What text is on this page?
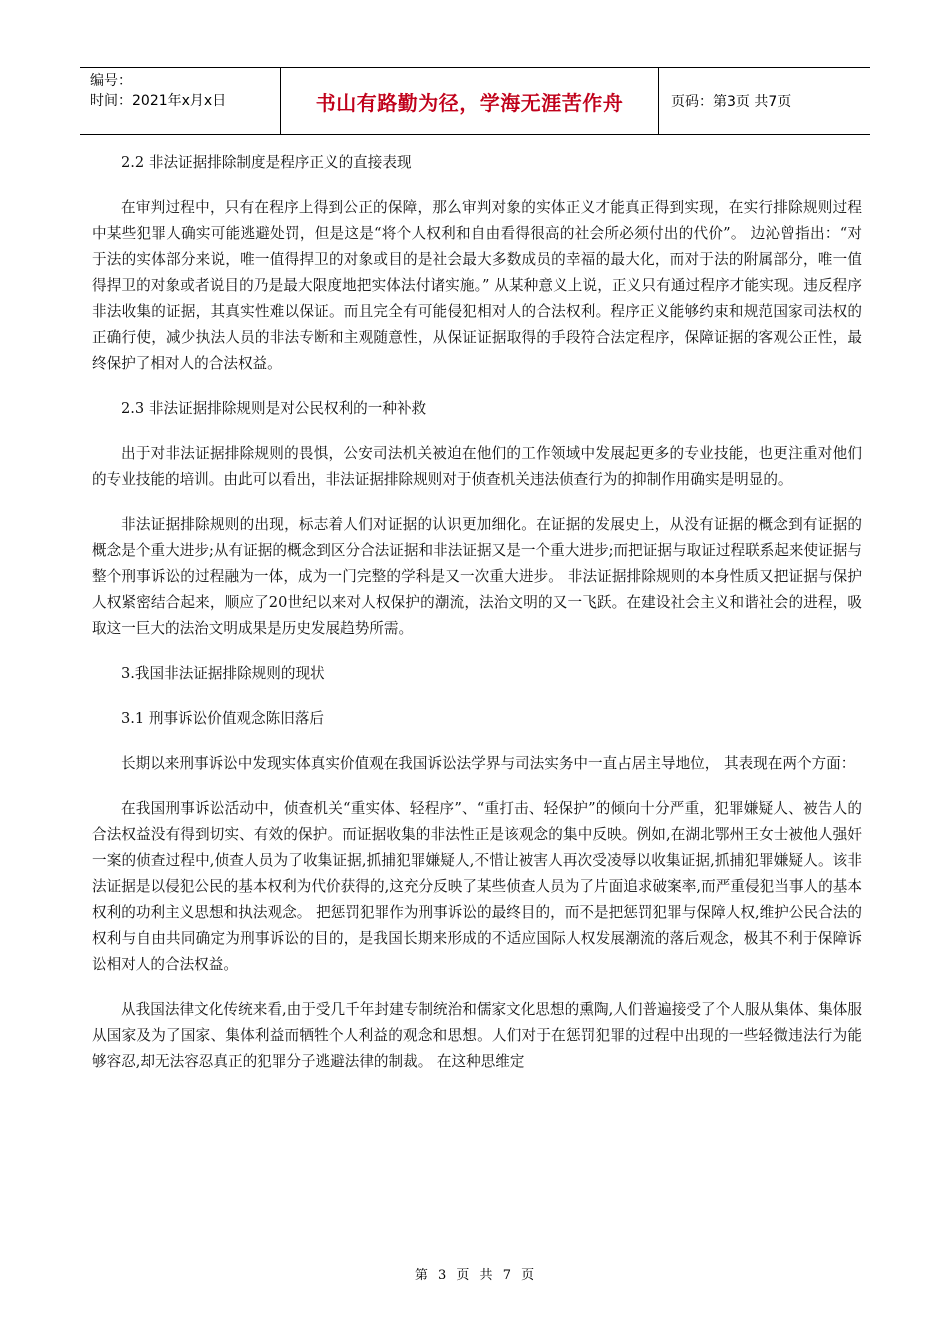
编号：
时间：2021年x月x日	书山有路勤为径，学海无涯苦作舟	页码：第3页 共7页

2.2 非法证据排除制度是程序正义的直接表现

在审判过程中，只有在程序上得到公正的保障，那么审判对象的实体正义才能真正得到实现，在实行排除规则过程中某些犯罪人确实可能逃避处罚，但是这是“将个人权利和自由看得很高的社会所必须付出的代价”。 边沁曾指出：“对于法的实体部分来说，唯一值得捍卫的对象或目的是社会最大多数成员的幸福的最大化，而对于法的附属部分，唯一值得捍卫的对象或者说目的乃是最大限度地把实体法付诸实施。” 从某种意义上说，正义只有通过程序才能实现。违反程序非法收集的证据，其真实性难以保证。而且完全有可能侵犯相对人的合法权利。程序正义能够约束和规范国家司法权的正确行使，减少执法人员的非法专断和主观随意性，从保证证据取得的手段符合法定程序，保障证据的客观公正性，最终保护了相对人的合法权益。

2.3 非法证据排除规则是对公民权利的一种补救

出于对非法证据排除规则的畏惧，公安司法机关被迫在他们的工作领域中发展起更多的专业技能，也更注重对他们的专业技能的培训。由此可以看出，非法证据排除规则对于侦查机关违法侦查行为的抑制作用确实是明显的。

非法证据排除规则的出现，标志着人们对证据的认识更加细化。在证据的发展史上，从没有证据的概念到有证据的概念是个重大进步;从有证据的概念到区分合法证据和非法证据又是一个重大进步;而把证据与取证过程联系起来使证据与整个刑事诉讼的过程融为一体，成为一门完整的学科是又一次重大进步。 非法证据排除规则的本身性质又把证据与保护人权紧密结合起来，顺应了20世纪以来对人权保护的潮流，法治文明的又一飞跃。在建设社会主义和谐社会的进程，吸取这一巨大的法治文明成果是历史发展趋势所需。

3.我国非法证据排除规则的现状

3.1 刑事诉讼价值观念陈旧落后

长期以来刑事诉讼中发现实体真实价值观在我国诉讼法学界与司法实务中一直占居主导地位， 其表现在两个方面：

在我国刑事诉讼活动中，侦查机关“重实体、轻程序”、“重打击、轻保护”的倾向十分严重，犯罪嫌疑人、被告人的合法权益没有得到切实、有效的保护。而证据收集的非法性正是该观念的集中反映。例如,在湖北鄂州王女士被他人强奸一案的侦查过程中,侦查人员为了收集证据,抓捕犯罪嫌疑人,不惜让被害人再次受凌辱以收集证据,抓捕犯罪嫌疑人。该非法证据是以侵犯公民的基本权利为代价获得的,这充分反映了某些侦查人员为了片面追求破案率,而严重侵犯当事人的基本权利的功利主义思想和执法观念。 把惩罚犯罪作为刑事诉讼的最终目的，而不是把惩罚犯罪与保障人权,维护公民合法的权利与自由共同确定为刑事诉讼的目的，是我国长期来形成的不适应国际人权发展潮流的落后观念，极其不利于保障诉讼相对人的合法权益。

从我国法律文化传统来看,由于受几千年封建专制统治和儒家文化思想的熏陶,人们普遍接受了个人服从集体、集体服从国家及为了国家、集体利益而牺牲个人利益的观念和思想。人们对于在惩罚犯罪的过程中出现的一些轻微违法行为能够容忍,却无法容忍真正的犯罪分子逃避法律的制裁。 在这种思维定

第 3 页 共 7 页
